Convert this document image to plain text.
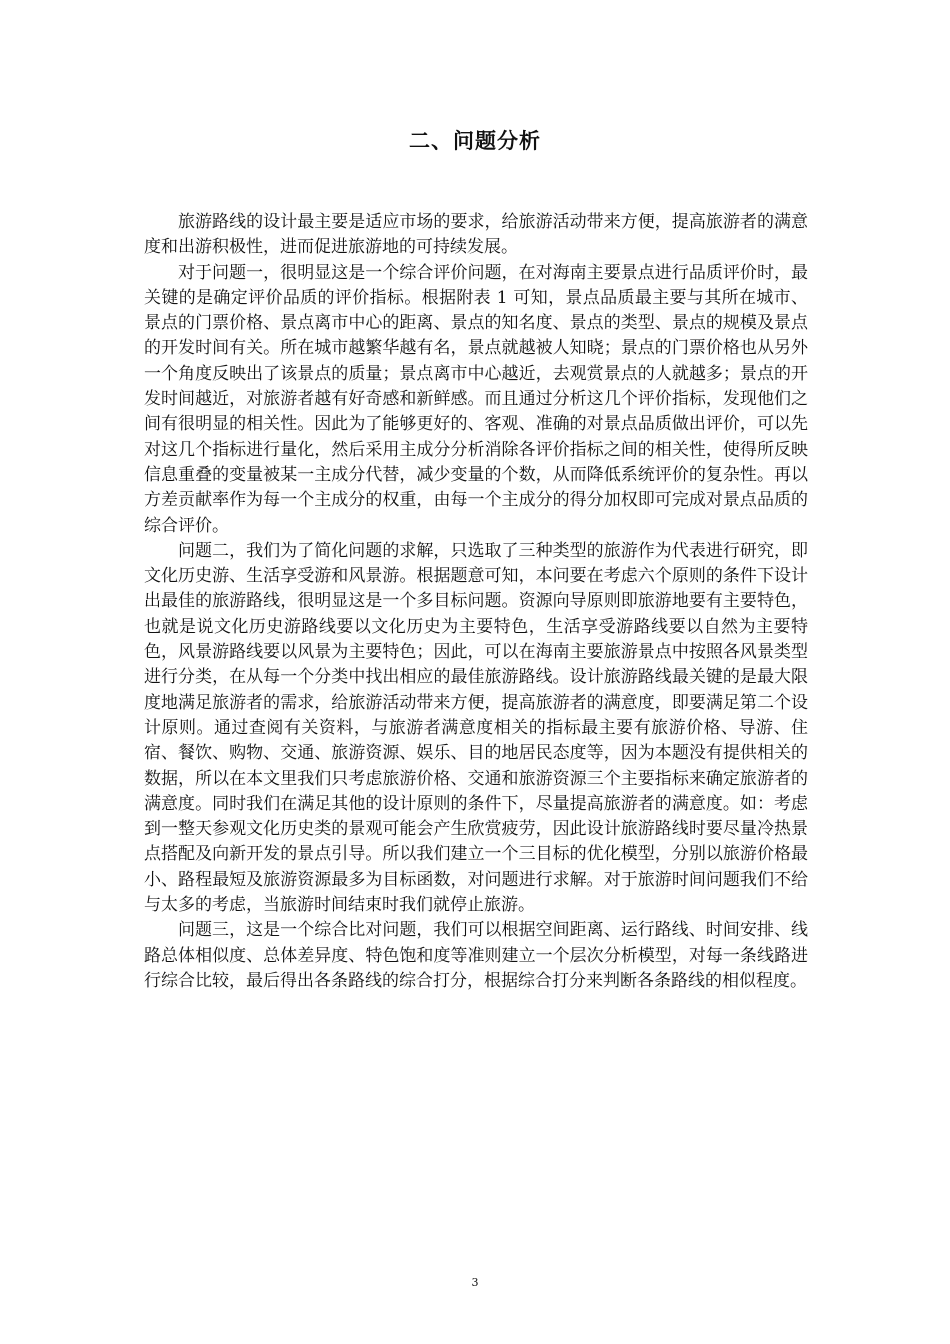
二、问题分析

旅游路线的设计最主要是适应市场的要求，给旅游活动带来方便，提高旅游者的满意度和出游积极性，进而促进旅游地的可持续发展。

对于问题一，很明显这是一个综合评价问题，在对海南主要景点进行品质评价时，最关键的是确定评价品质的评价指标。根据附表 1 可知，景点品质最主要与其所在城市、景点的门票价格、景点离市中心的距离、景点的知名度、景点的类型、景点的规模及景点的开发时间有关。所在城市越繁华越有名，景点就越被人知晓；景点的门票价格也从另外一个角度反映出了该景点的质量；景点离市中心越近，去观赏景点的人就越多；景点的开发时间越近，对旅游者越有好奇感和新鲜感。而且通过分析这几个评价指标，发现他们之间有很明显的相关性。因此为了能够更好的、客观、准确的对景点品质做出评价，可以先对这几个指标进行量化，然后采用主成分分析消除各评价指标之间的相关性，使得所反映信息重叠的变量被某一主成分代替，减少变量的个数，从而降低系统评价的复杂性。再以方差贡献率作为每一个主成分的权重，由每一个主成分的得分加权即可完成对景点品质的综合评价。

问题二，我们为了简化问题的求解，只选取了三种类型的旅游作为代表进行研究，即文化历史游、生活享受游和风景游。根据题意可知，本问要在考虑六个原则的条件下设计出最佳的旅游路线，很明显这是一个多目标问题。资源向导原则即旅游地要有主要特色，也就是说文化历史游路线要以文化历史为主要特色，生活享受游路线要以自然为主要特色，风景游路线要以风景为主要特色；因此，可以在海南主要旅游景点中按照各风景类型进行分类，在从每一个分类中找出相应的最佳旅游路线。设计旅游路线最关键的是最大限度地满足旅游者的需求，给旅游活动带来方便，提高旅游者的满意度，即要满足第二个设计原则。通过查阅有关资料，与旅游者满意度相关的指标最主要有旅游价格、导游、住宿、餐饮、购物、交通、旅游资源、娱乐、目的地居民态度等，因为本题没有提供相关的数据，所以在本文里我们只考虑旅游价格、交通和旅游资源三个主要指标来确定旅游者的满意度。同时我们在满足其他的设计原则的条件下，尽量提高旅游者的满意度。如：考虑到一整天参观文化历史类的景观可能会产生欣赏疲劳，因此设计旅游路线时要尽量冷热景点搭配及向新开发的景点引导。所以我们建立一个三目标的优化模型，分别以旅游价格最小、路程最短及旅游资源最多为目标函数，对问题进行求解。对于旅游时间问题我们不给与太多的考虑，当旅游时间结束时我们就停止旅游。

问题三，这是一个综合比对问题，我们可以根据空间距离、运行路线、时间安排、线路总体相似度、总体差异度、特色饱和度等准则建立一个层次分析模型，对每一条线路进行综合比较，最后得出各条路线的综合打分，根据综合打分来判断各条路线的相似程度。

3
